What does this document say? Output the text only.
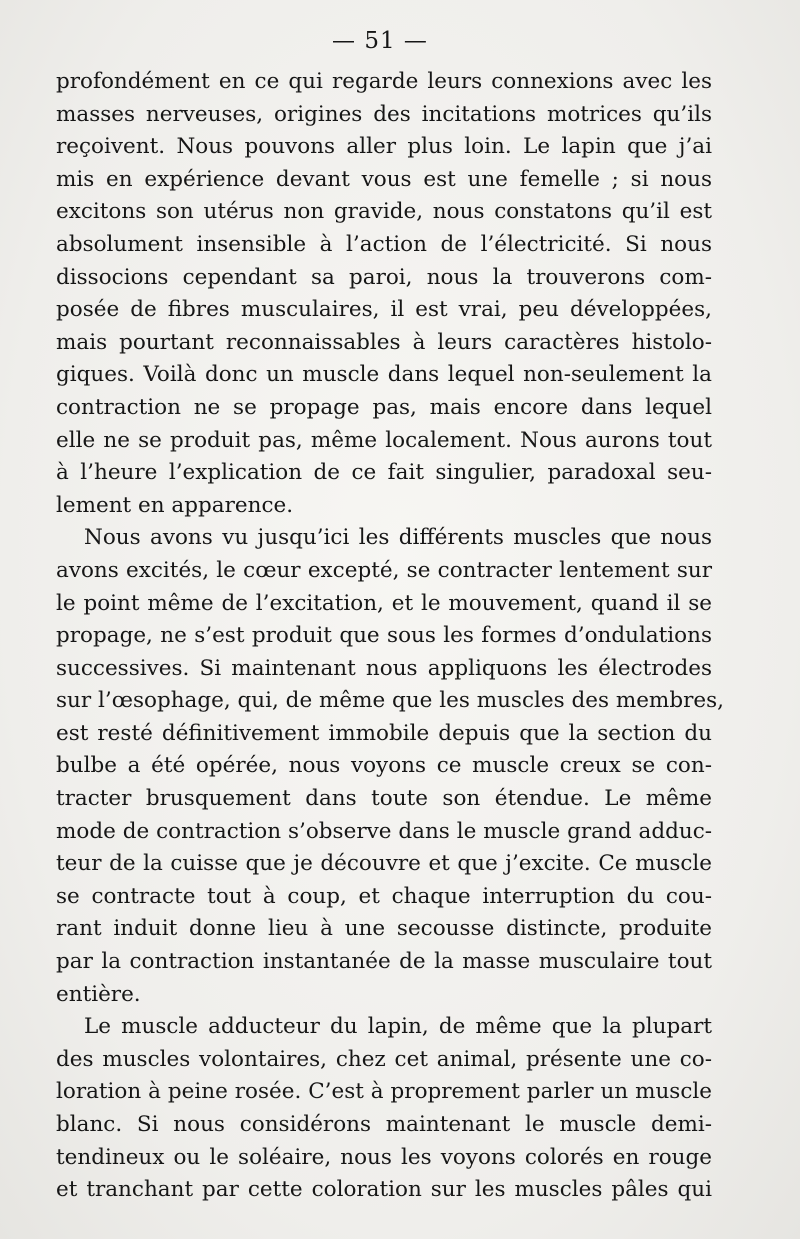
— 51 —
profondément en ce qui regarde leurs connexions avec les
masses nerveuses, origines des incitations motrices qu’ils
reçoivent. Nous pouvons aller plus loin. Le lapin que j’ai
mis en expérience devant vous est une femelle ; si nous
excitons son utérus non gravide, nous constatons qu’il est
absolument insensible à l’action de l’électricité. Si nous
dissocions cependant sa paroi, nous la trouverons com-
posée de fibres musculaires, il est vrai, peu développées,
mais pourtant reconnaissables à leurs caractères histolo-
giques. Voilà donc un muscle dans lequel non-seulement la
contraction ne se propage pas, mais encore dans lequel
elle ne se produit pas, même localement. Nous aurons tout
à l’heure l’explication de ce fait singulier, paradoxal seu-
lement en apparence.
Nous avons vu jusqu’ici les différents muscles que nous
avons excités, le cœur excepté, se contracter lentement sur
le point même de l’excitation, et le mouvement, quand il se
propage, ne s’est produit que sous les formes d’ondulations
successives. Si maintenant nous appliquons les électrodes
sur l’œsophage, qui, de même que les muscles des membres,
est resté définitivement immobile depuis que la section du
bulbe a été opérée, nous voyons ce muscle creux se con-
tracter brusquement dans toute son étendue. Le même
mode de contraction s’observe dans le muscle grand adduc-
teur de la cuisse que je découvre et que j’excite. Ce muscle
se contracte tout à coup, et chaque interruption du cou-
rant induit donne lieu à une secousse distincte, produite
par la contraction instantanée de la masse musculaire tout
entière.
Le muscle adducteur du lapin, de même que la plupart
des muscles volontaires, chez cet animal, présente une co-
loration à peine rosée. C’est à proprement parler un muscle
blanc. Si nous considérons maintenant le muscle demi-
tendineux ou le soléaire, nous les voyons colorés en rouge
et tranchant par cette coloration sur les muscles pâles qui
